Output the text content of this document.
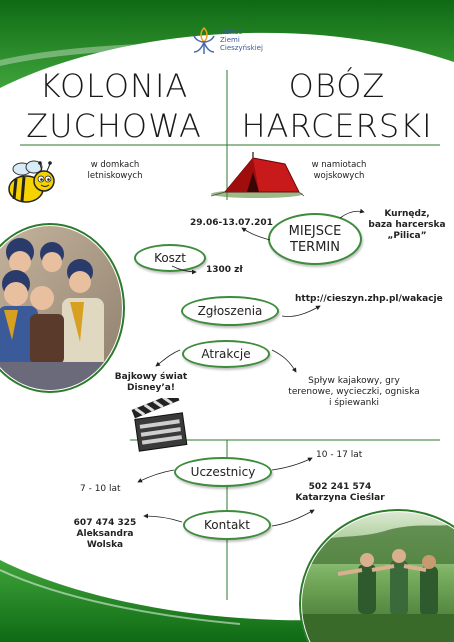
Hufiec
Ziemi
Cieszyńskiej
KOLONIA
ZUCHOWA
w domkach
letniskowych
OBÓZ
HARCERSKI
w namiotach
wojskowych
MIEJSCE
TERMIN
29.06-13.07.201
Kurnędz,
baza harcerska
„Pilica”
Koszt
1300 zł
Zgłoszenia
http://cieszyn.zhp.pl/wakacje
Atrakcje
Bajkowy świat
Disney’a!
Spływ kajakowy, gry
terenowe, wycieczki, ogniska
i śpiewanki
Uczestnicy
7 - 10 lat
10 - 17 lat
Kontakt
607 474 325
Aleksandra
Wolska
502 241 574
Katarzyna Cieślar
